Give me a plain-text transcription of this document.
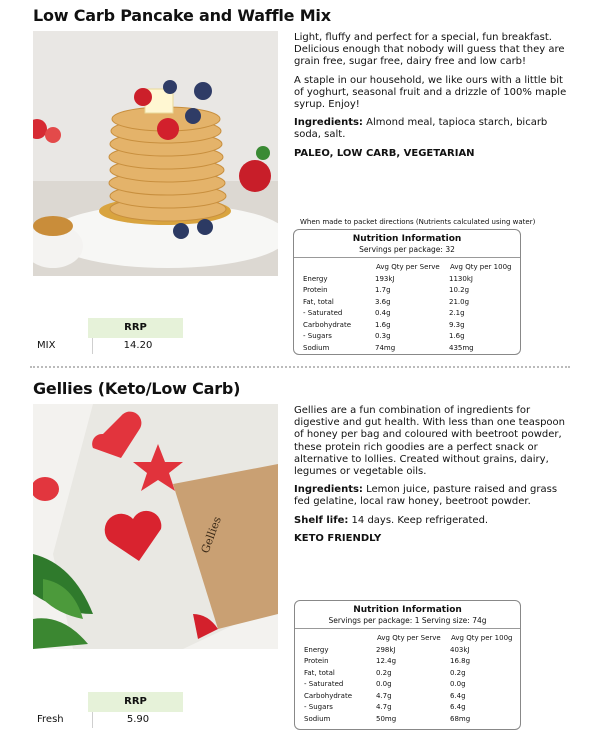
Low Carb Pancake and Waffle Mix

Light, fluffy and perfect for a special, fun breakfast. Delicious enough that nobody will guess that they are grain free, sugar free, dairy free and low carb!

A staple in our household, we like ours with a little bit of yoghurt, seasonal fruit and a drizzle of 100% maple syrup. Enjoy!

Ingredients: Almond meal, tapioca starch, bicarb soda, salt.

PALEO, LOW CARB, VEGETARIAN
When made to packet directions (Nutrients calculated using water)
Nutrition Information
Servings per package: 32
	Avg Qty per Serve	Avg Qty per 100g
Energy	193kJ	1130kJ
Protein	1.7g	10.2g
Fat, total	3.6g	21.0g
- Saturated	0.4g	2.1g
Carbohydrate	1.6g	9.3g
- Sugars	0.3g	1.6g
Sodium	74mg	435mg
RRP
MIX	14.20
Gellies (Keto/Low Carb)
Gellies

Gellies are a fun combination of ingredients for digestive and gut health. With less than one teaspoon of honey per bag and coloured with beetroot powder, these protein rich goodies are a perfect snack or alternative to lollies. Created without grains, dairy, legumes or vegetable oils.

Ingredients: Lemon juice, pasture raised and grass fed gelatine, local raw honey, beetroot powder.

Shelf life: 14 days. Keep refrigerated.

KETO FRIENDLY
Nutrition Information
Servings per package: 1 Serving size: 74g
	Avg Qty per Serve	Avg Qty per 100g
Energy	298kJ	403kJ
Protein	12.4g	16.8g
Fat, total	0.2g	0.2g
- Saturated	0.0g	0.0g
Carbohydrate	4.7g	6.4g
- Sugars	4.7g	6.4g
Sodium	50mg	68mg
RRP
Fresh	5.90
